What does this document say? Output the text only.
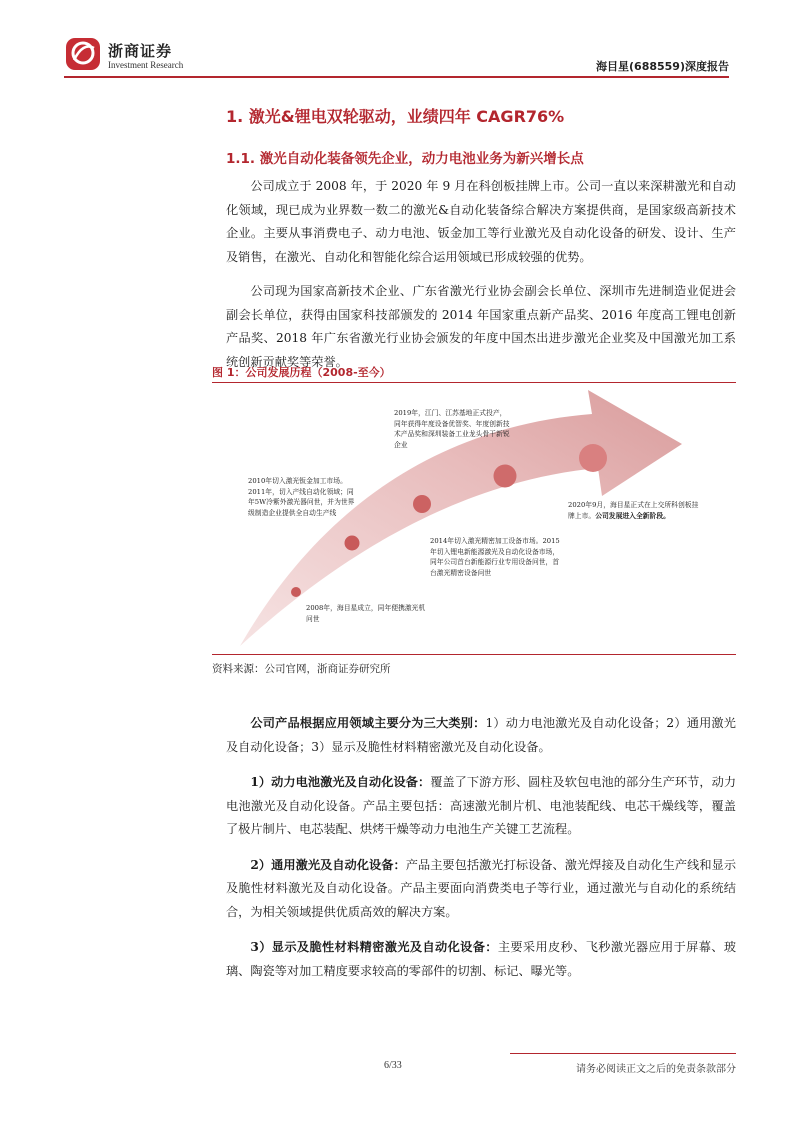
浙商证券
Investment Research	海目星(688559)深度报告
1. 激光&锂电双轮驱动，业绩四年 CAGR76%
1.1. 激光自动化装备领先企业，动力电池业务为新兴增长点

公司成立于 2008 年，于 2020 年 9 月在科创板挂牌上市。公司一直以来深耕激光和自动化领域，现已成为业界数一数二的激光&自动化装备综合解决方案提供商，是国家级高新技术企业。主要从事消费电子、动力电池、钣金加工等行业激光及自动化设备的研发、设计、生产及销售，在激光、自动化和智能化综合运用领域已形成较强的优势。

公司现为国家高新技术企业、广东省激光行业协会副会长单位、深圳市先进制造业促进会副会长单位，获得由国家科技部颁发的 2014 年国家重点新产品奖、2016 年度高工锂电创新产品奖、2018 年广东省激光行业协会颁发的年度中国杰出进步激光企业奖及中国激光加工系统创新贡献奖等荣誉。

图 1：公司发展历程（2008-至今）
2008年，海目星成立，同年便携激光机问世
2010年切入激光钣金加工市场。2011年，切入产线自动化领域；同年5W冷紫外激光器问世，并为世界级制造企业提供全自动生产线
2014年切入激光精密加工设备市场。2015年切入锂电新能源激光及自动化设备市场，同年公司首台新能源行业专用设备问世，首台激光精密设备问世
2019年，江门、江苏基地正式投产，同年获得年度设备优智奖、年度创新技术产品奖和深圳装备工业龙头骨干新锐企业
2020年9月，海目星正式在上交所科创板挂牌上市。公司发展进入全新阶段。
资料来源：公司官网，浙商证券研究所

公司产品根据应用领域主要分为三大类别：1）动力电池激光及自动化设备；2）通用激光及自动化设备；3）显示及脆性材料精密激光及自动化设备。

1）动力电池激光及自动化设备：覆盖了下游方形、圆柱及软包电池的部分生产环节，动力电池激光及自动化设备。产品主要包括：高速激光制片机、电池装配线、电芯干燥线等，覆盖了极片制片、电芯装配、烘烤干燥等动力电池生产关键工艺流程。

2）通用激光及自动化设备：产品主要包括激光打标设备、激光焊接及自动化生产线和显示及脆性材料激光及自动化设备。产品主要面向消费类电子等行业，通过激光与自动化的系统结合，为相关领域提供优质高效的解决方案。

3）显示及脆性材料精密激光及自动化设备：主要采用皮秒、飞秒激光器应用于屏幕、玻璃、陶瓷等对加工精度要求较高的零部件的切割、标记、曝光等。

6/33	请务必阅读正文之后的免责条款部分
